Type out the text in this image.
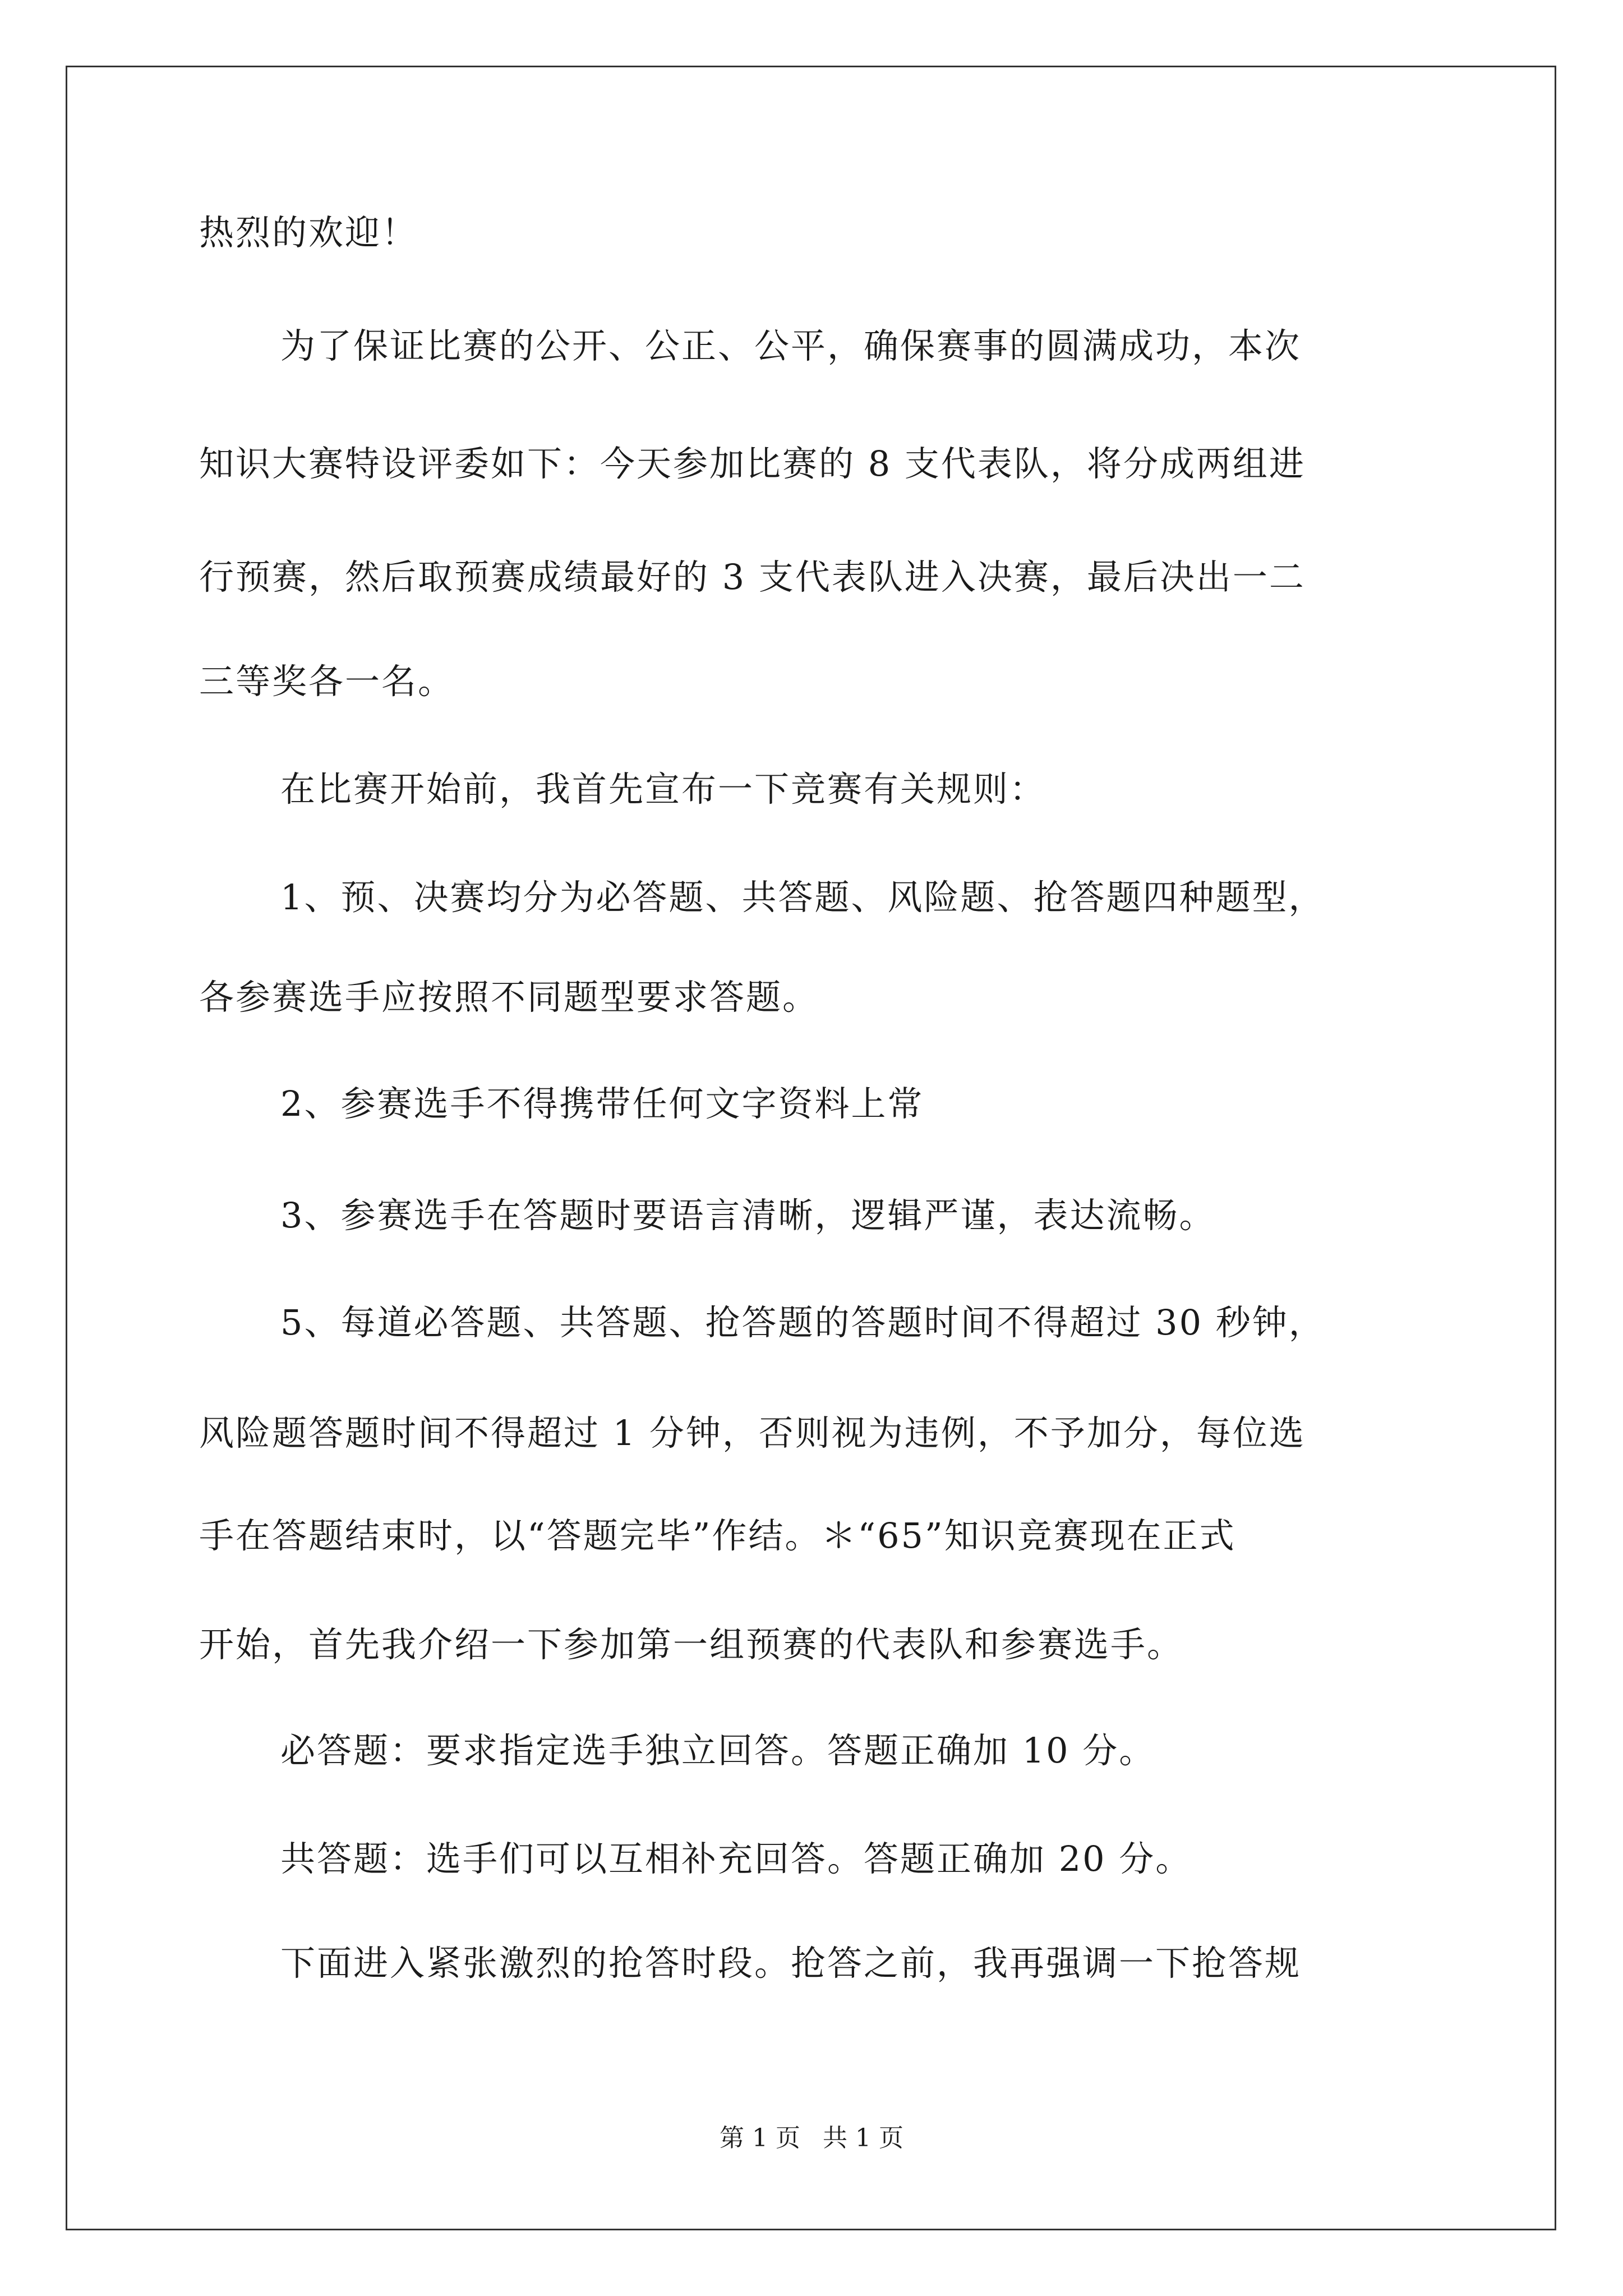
热烈的欢迎！
为了保证比赛的公开、公正、公平，确保赛事的圆满成功，本次
知识大赛特设评委如下：今天参加比赛的 8 支代表队，将分成两组进
行预赛，然后取预赛成绩最好的 3 支代表队进入决赛，最后决出一二
三等奖各一名。
在比赛开始前，我首先宣布一下竞赛有关规则：
1、预、决赛均分为必答题、共答题、风险题、抢答题四种题型，
各参赛选手应按照不同题型要求答题。
2、参赛选手不得携带任何文字资料上常
3、参赛选手在答题时要语言清晰，逻辑严谨，表达流畅。
5、每道必答题、共答题、抢答题的答题时间不得超过 30 秒钟，
风险题答题时间不得超过 1 分钟，否则视为违例，不予加分，每位选
手在答题结束时，以“答题完毕”作结。＊“65”知识竞赛现在正式
开始，首先我介绍一下参加第一组预赛的代表队和参赛选手。
必答题：要求指定选手独立回答。答题正确加 10 分。
共答题：选手们可以互相补充回答。答题正确加 20 分。
下面进入紧张激烈的抢答时段。抢答之前，我再强调一下抢答规
第 1 页 共 1 页
